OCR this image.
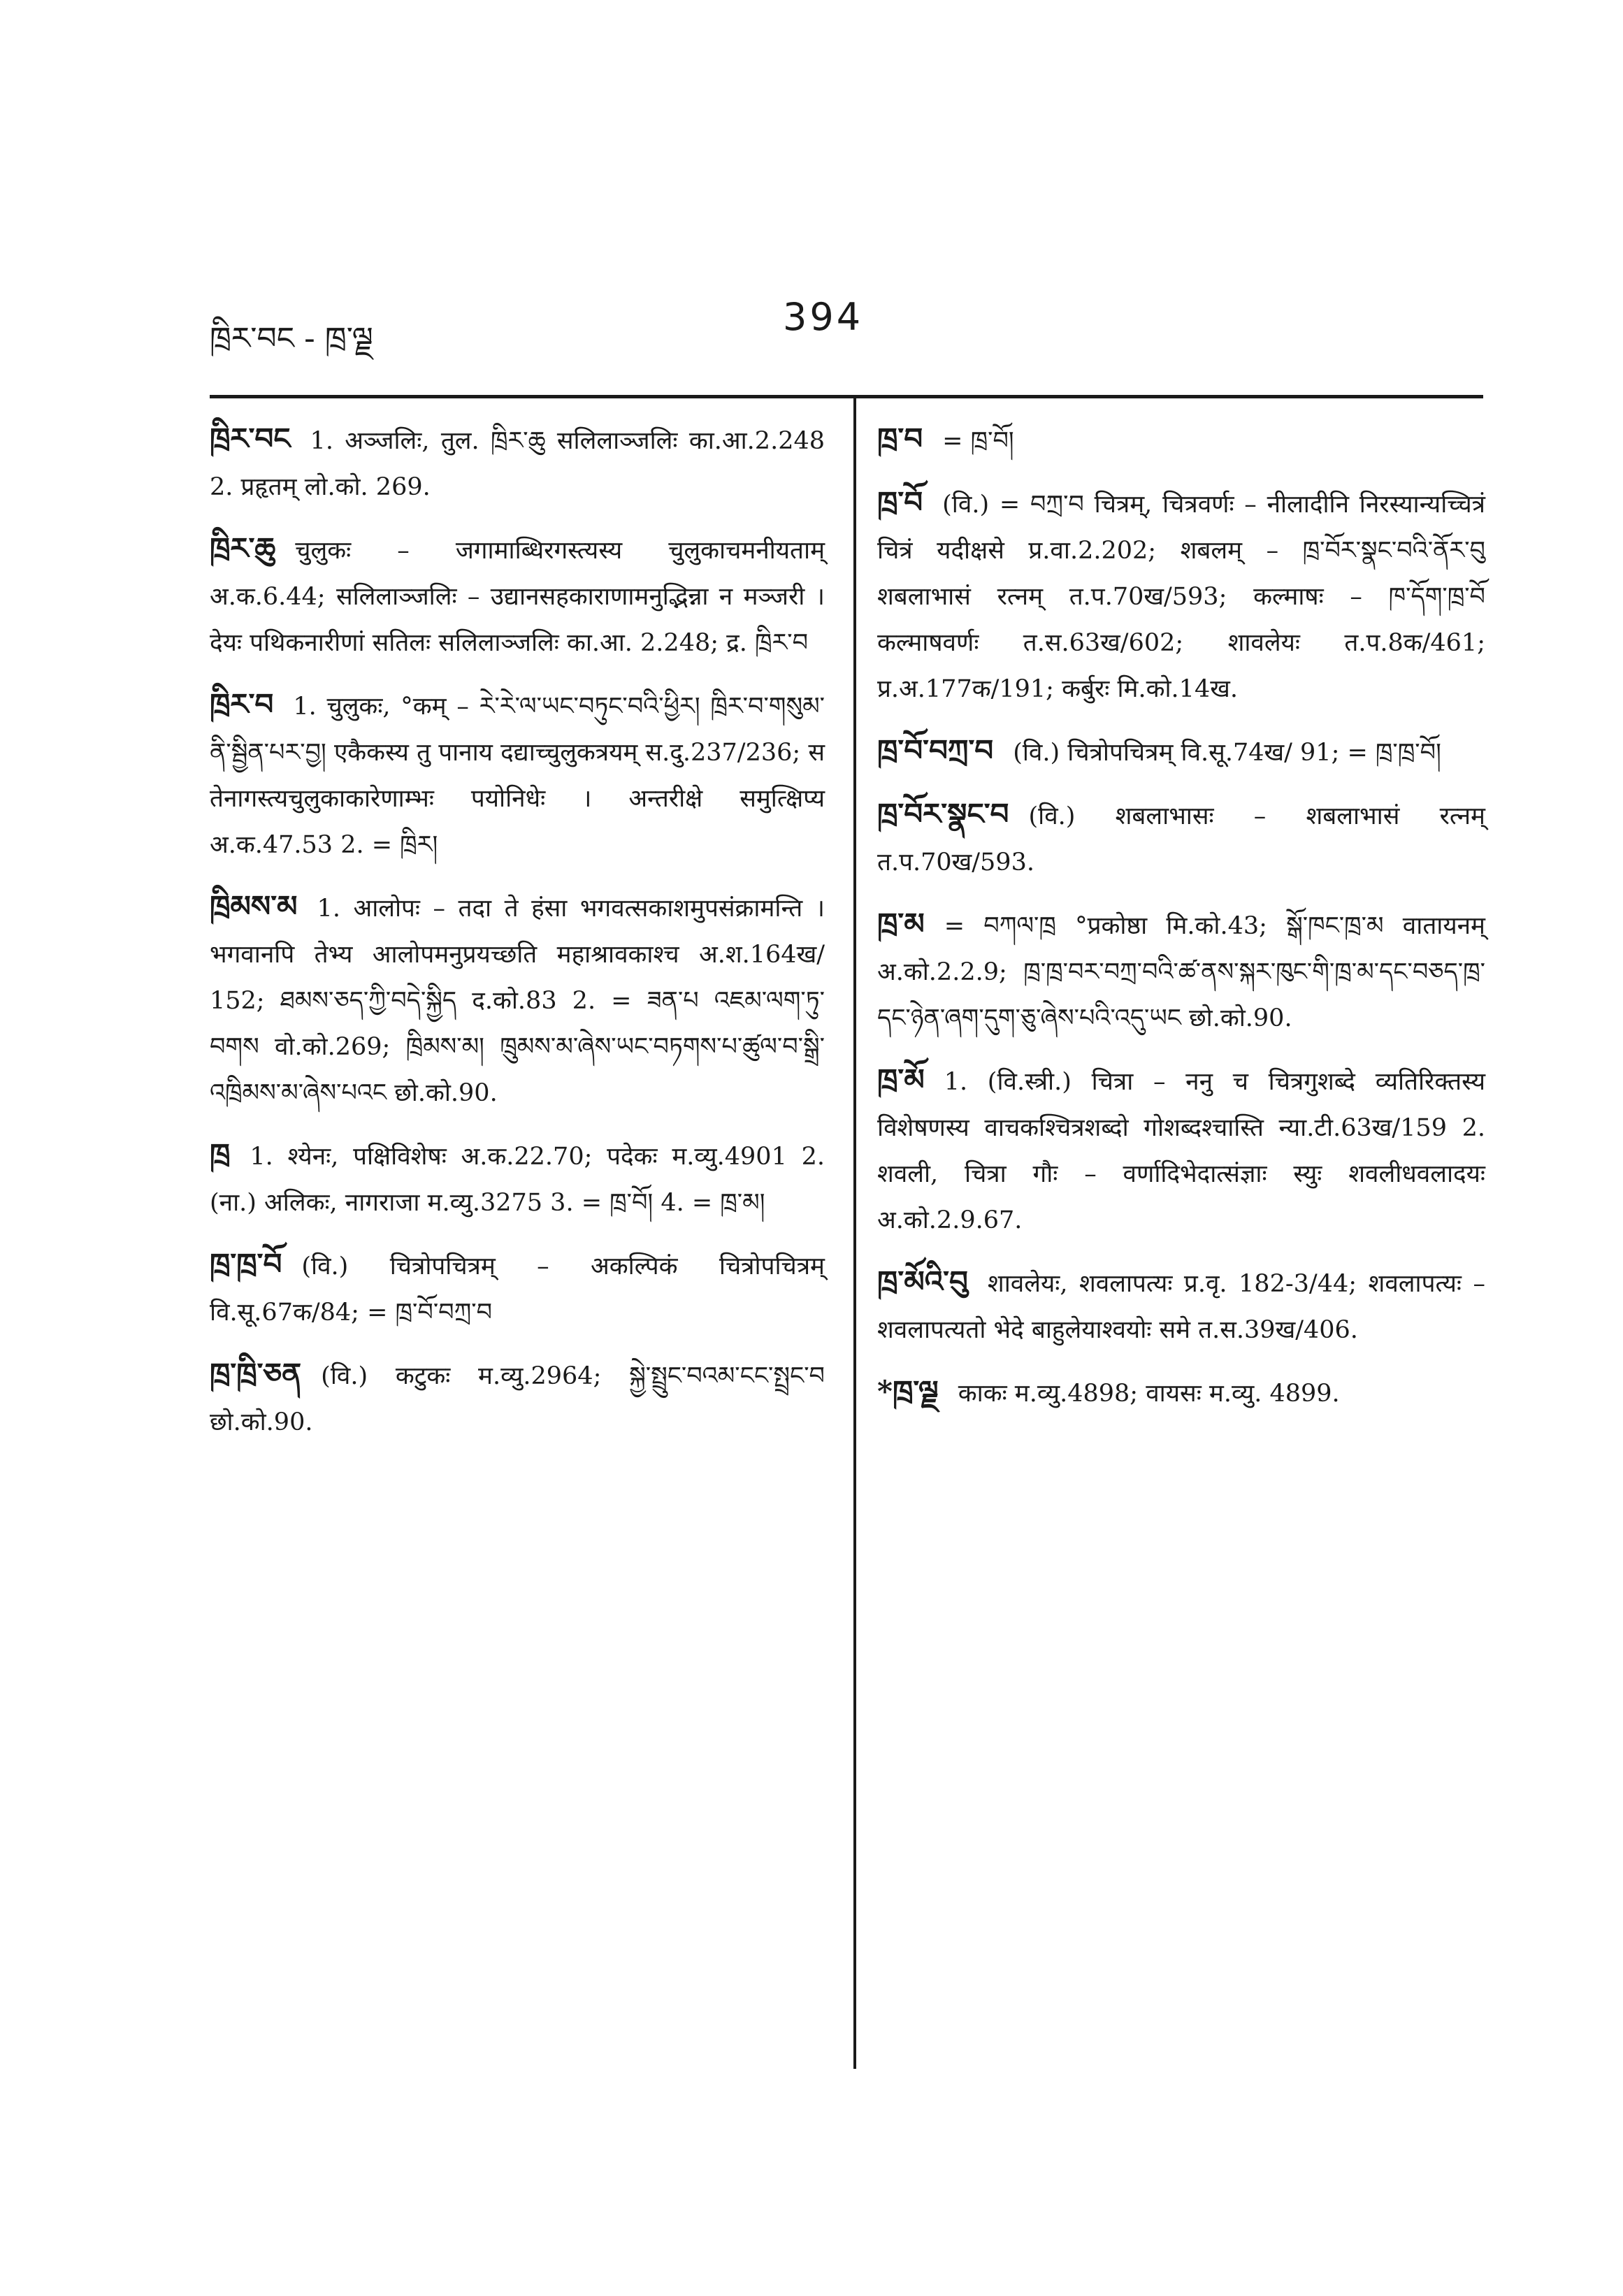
ཁྲིར་བང - ཁྲ་ལྗ	394
ཁྲིར་བང 1. अञ्जलिः, तुल. ཁྲིར་ཆུ सलिलाञ्जलिः का.आ.2.248 2. प्रहृतम् लो.को. 269.
ཁྲིར་ཆུ चुलुकः – जगामाब्धिरगस्त्यस्य चुलुकाचमनीयताम् अ.क.6.44; सलिलाञ्जलिः – उद्यानसहकाराणामनुद्भिन्ना न मञ्जरी । देयः पथिकनारीणां सतिलः सलिलाञ्जलिः का.आ. 2.248; द्र. ཁྲིར་བ
ཁྲིར་བ 1. चुलुकः, °कम् – རེ་རེ་ལ་ཡང་བཏུང་བའི་ཕྱིར། ཁྲིར་བ་གསུམ་ནི་སྦྱིན་པར་བྱ། एकैकस्य तु पानाय दद्याच्चुलुकत्रयम् स.दु.237/236; स तेनागस्त्यचुलुकाकारेणाम्भः पयोनिधेः । अन्तरीक्षे समुत्क्षिप्य अ.क.47.53 2. = ཁྲིར།
ཁྲིམས་མ 1. आलोपः – तदा ते हंसा भगवत्सकाशमुपसंक्रामन्ति । भगवानपि तेभ्य आलोपमनुप्रयच्छति महाश्रावकाश्च अ.श.164ख/ 152; ཐམས་ཅད་ཀྱི་བདེ་སྐྱིད द.को.83 2. = ཟན་པ འཇམ་ལག་ཏུ་བགས वो.को.269; ཁྲིམས་མ། ཁྲུམས་མ་ཞེས་ཡང་བཏགས་པ་ཚུལ་བ་སྒྲི་འཁྲིམས་མ་ཞེས་པའང छो.को.90.
ཁྲ 1. श्येनः, पक्षिविशेषः अ.क.22.70; पदेकः म.व्यु.4901 2. (ना.) अलिकः, नागराजा म.व्यु.3275 3. = ཁྲ་བོ། 4. = ཁྲ་མ།
ཁྲ་ཁྲ་བོ (वि.) चित्रोपचित्रम् – अकल्पिकं चित्रोपचित्रम् वि.सू.67क/84; = ཁྲ་བོ་བཀྲ་བ
ཁྲ་ཁྲི་ཅན (वि.) कटुकः म.व्यु.2964; སྐྱེ་སྤྲུང་བའམ་ངང་སྤྲང་བ छो.को.90.
ཁྲ་བ = ཁྲ་བོ།
ཁྲ་བོ (वि.) = བཀྲ་བ चित्रम्, चित्रवर्णः – नीलादीनि निरस्यान्यच्चित्रं चित्रं यदीक्षसे प्र.वा.2.202; शबलम् – ཁྲ་བོར་སྣང་བའི་ནོར་བུ शबलाभासं रत्नम् त.प.70ख/593; कल्माषः – ཁ་དོག་ཁྲ་བོ कल्माषवर्णः त.स.63ख/602; शावलेयः त.प.8क/461; प्र.अ.177क/191; कर्बुरः मि.को.14ख.
ཁྲ་བོ་བཀྲ་བ (वि.) चित्रोपचित्रम् वि.सू.74ख/ 91; = ཁྲ་ཁྲ་བོ།
ཁྲ་བོར་སྣང་བ (वि.) शबलाभासः – शबलाभासं रत्नम् त.प.70ख/593.
ཁྲ་མ = བཀལ་ཁྲ °प्रकोष्ठा मि.को.43; སྒོ་ཁང་ཁྲ་མ वातायनम् अ.को.2.2.9; ཁྲ་ཁྲ་བར་བཀྲ་བའི་ཚ་ནས་སྐར་ཁུང་གི་ཁྲ་མ་དང་བཅད་ཁྲ་དང་ཉེན་ཞག་དུག་ཅུ་ཞེས་པའི་འདུ་ཡང छो.को.90.
ཁྲ་མོ 1. (वि.स्त्री.) चित्रा – ननु च चित्रगुशब्दे व्यतिरिक्तस्य विशेषणस्य वाचकश्चित्रशब्दो गोशब्दश्चास्ति न्या.टी.63ख/159 2. शवली, चित्रा गौः – वर्णादिभेदात्संज्ञाः स्युः शवलीधवलादयः अ.को.2.9.67.
ཁྲ་མོའི་བུ शावलेयः, शवलापत्यः प्र.वृ. 182-3/44; शवलापत्यः – शवलापत्यतो भेदे बाहुलेयाश्वयोः समे त.स.39ख/406.
*ཁྲ་ལྗ काकः म.व्यु.4898; वायसः म.व्यु. 4899.
